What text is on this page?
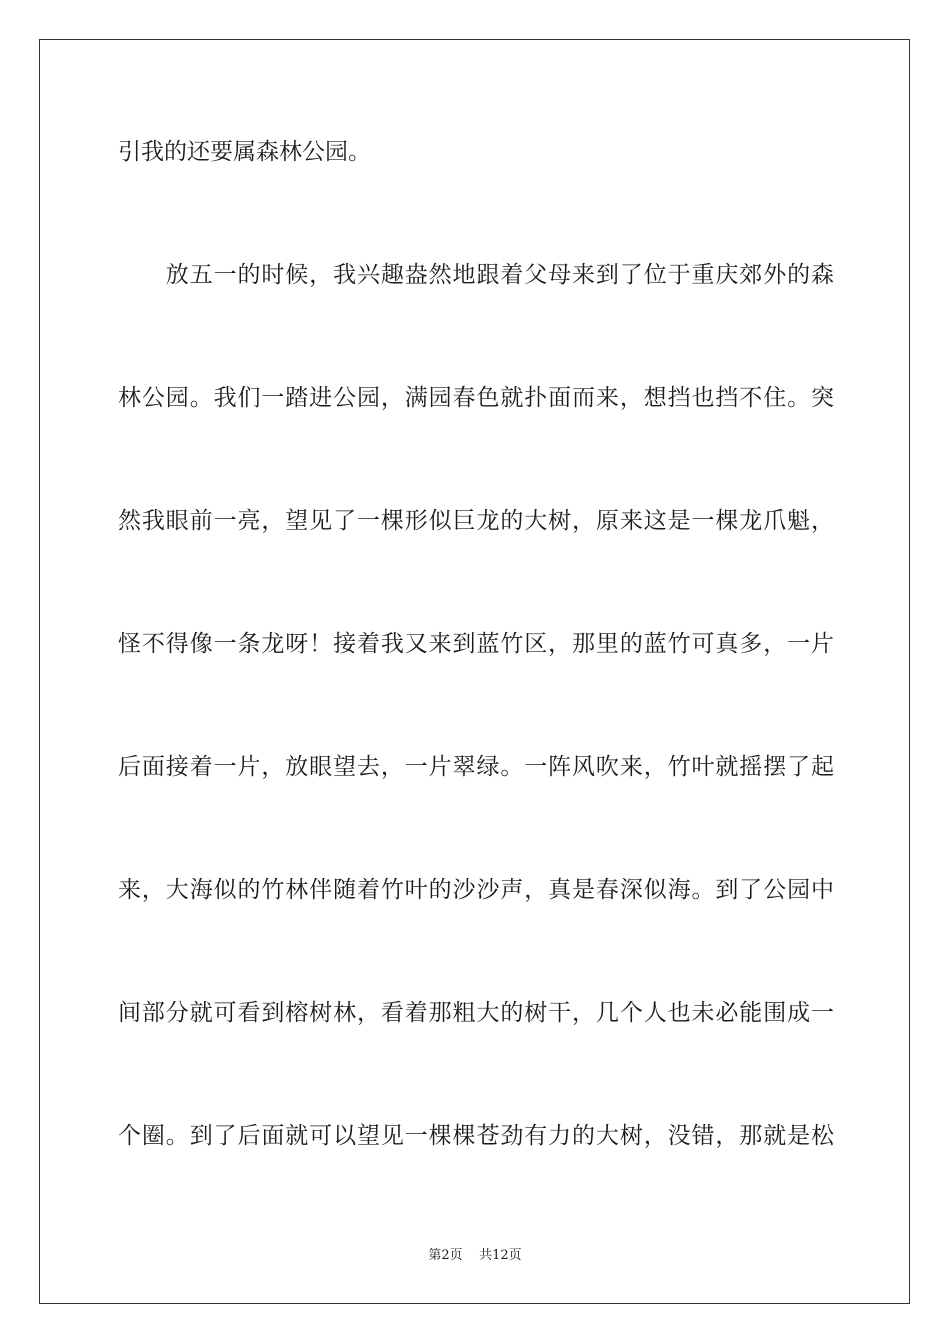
引我的还要属森林公园。
　　放五一的时候，我兴趣盎然地跟着父母来到了位于重庆郊外的森
林公园。我们一踏进公园，满园春色就扑面而来，想挡也挡不住。突
然我眼前一亮，望见了一棵形似巨龙的大树，原来这是一棵龙爪魁，
怪不得像一条龙呀！接着我又来到蓝竹区，那里的蓝竹可真多，一片
后面接着一片，放眼望去，一片翠绿。一阵风吹来，竹叶就摇摆了起
来，大海似的竹林伴随着竹叶的沙沙声，真是春深似海。到了公园中
间部分就可看到榕树林，看着那粗大的树干，几个人也未必能围成一
个圈。到了后面就可以望见一棵棵苍劲有力的大树，没错，那就是松
第2页 共12页
